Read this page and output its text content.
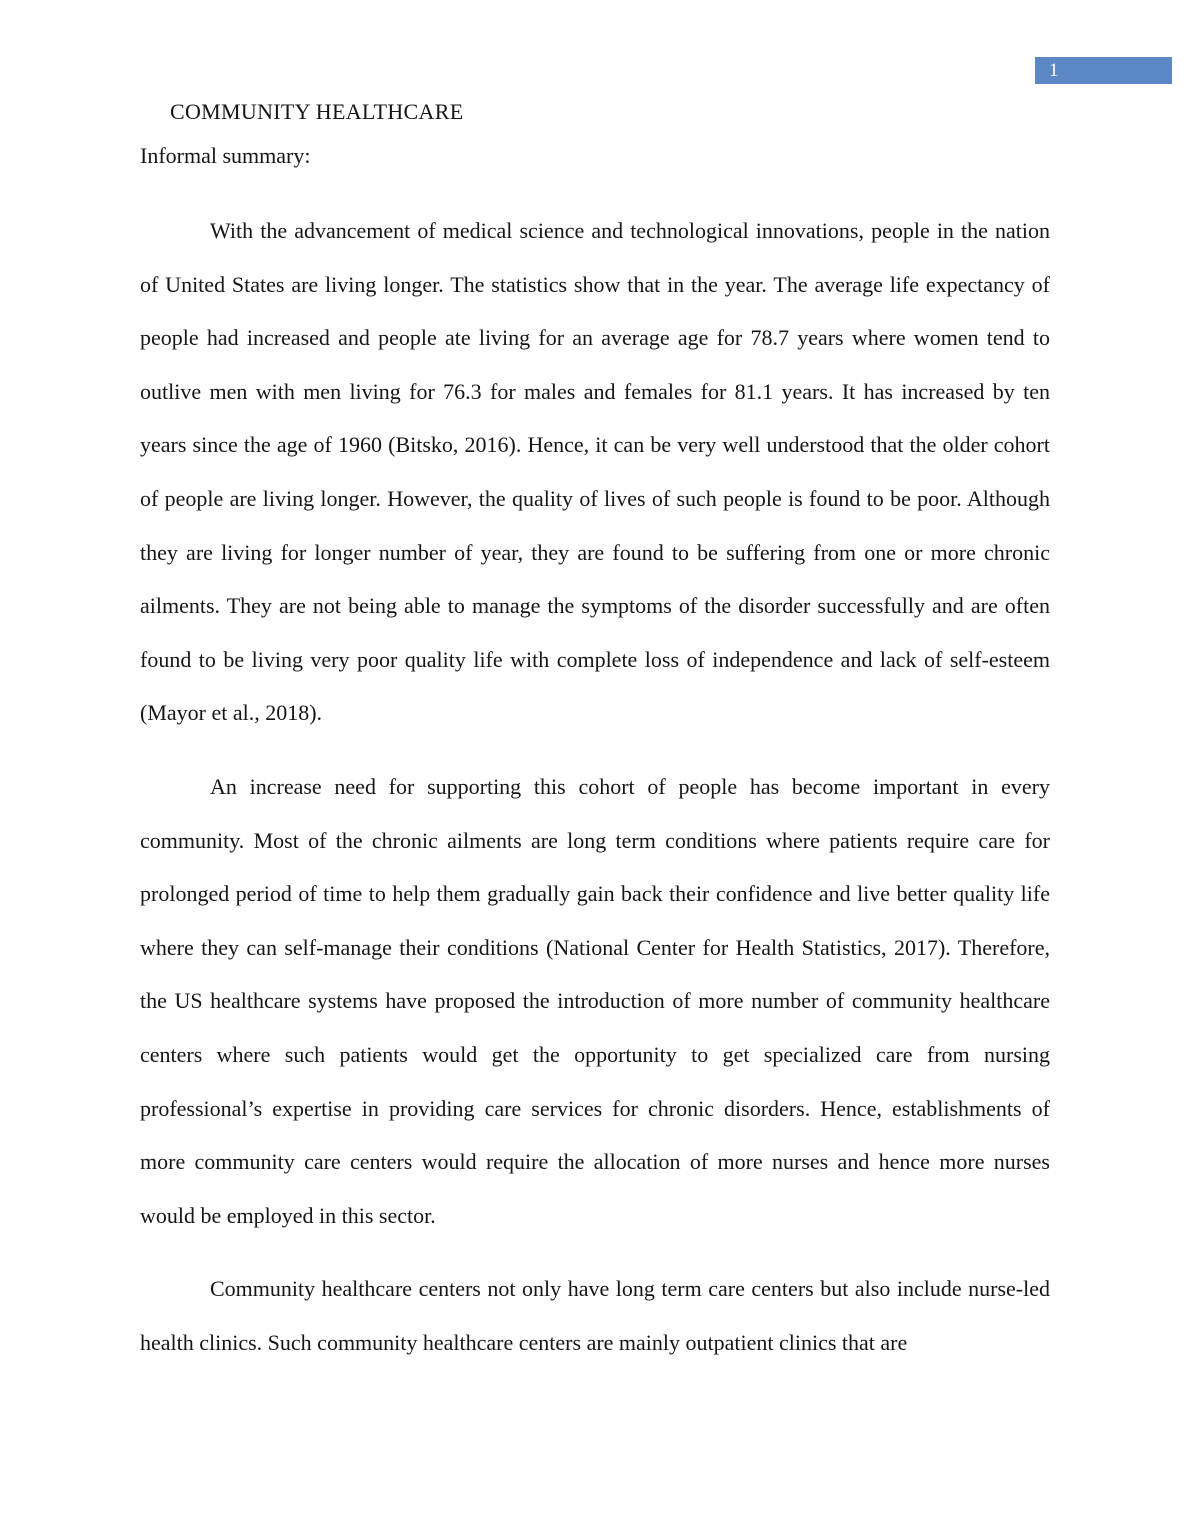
1
COMMUNITY HEALTHCARE
Informal summary:

With the advancement of medical science and technological innovations, people in the nation of United States are living longer. The statistics show that in the year. The average life expectancy of people had increased and people ate living for an average age for 78.7 years where women tend to outlive men with men living for 76.3 for males and females for 81.1 years. It has increased by ten years since the age of 1960 (Bitsko, 2016). Hence, it can be very well understood that the older cohort of people are living longer. However, the quality of lives of such people is found to be poor. Although they are living for longer number of year, they are found to be suffering from one or more chronic ailments. They are not being able to manage the symptoms of the disorder successfully and are often found to be living very poor quality life with complete loss of independence and lack of self-esteem (Mayor et al., 2018).

An increase need for supporting this cohort of people has become important in every community. Most of the chronic ailments are long term conditions where patients require care for prolonged period of time to help them gradually gain back their confidence and live better quality life where they can self-manage their conditions (National Center for Health Statistics, 2017). Therefore, the US healthcare systems have proposed the introduction of more number of community healthcare centers where such patients would get the opportunity to get specialized care from nursing professional’s expertise in providing care services for chronic disorders. Hence, establishments of more community care centers would require the allocation of more nurses and hence more nurses would be employed in this sector.

Community healthcare centers not only have long term care centers but also include nurse-led health clinics. Such community healthcare centers are mainly outpatient clinics that are
